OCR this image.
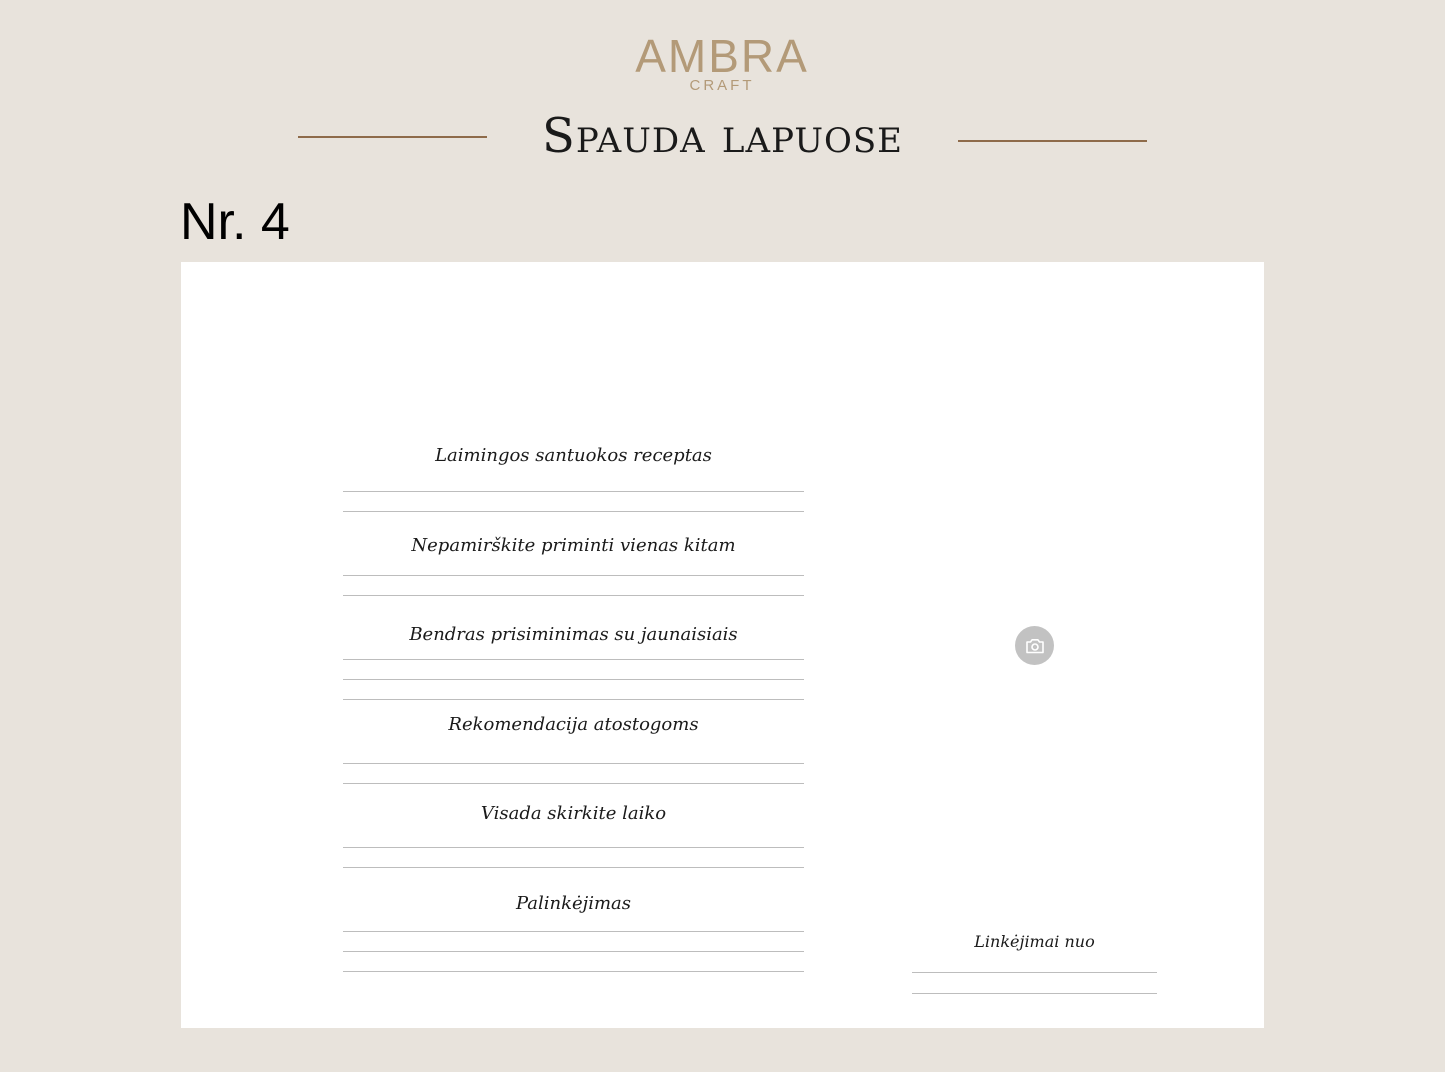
AMBRA
CRAFT
Spauda lapuose
Nr. 4
Laimingos santuokos receptas
Nepamirškite priminti vienas kitam
Bendras prisiminimas su jaunaisiais
Rekomendacija atostogoms
Visada skirkite laiko
Palinkėjimas
Linkėjimai nuo
